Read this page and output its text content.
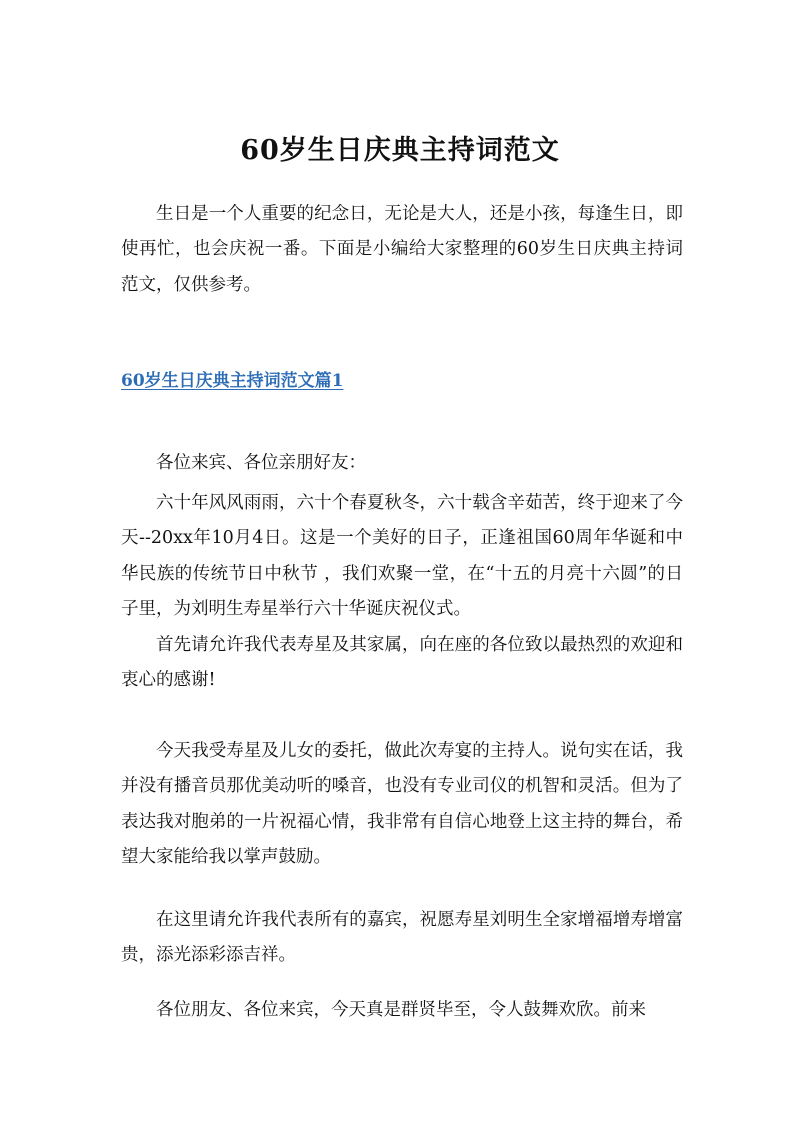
60岁生日庆典主持词范文

生日是一个人重要的纪念日，无论是大人，还是小孩，每逢生日，即使再忙，也会庆祝一番。下面是小编给大家整理的60岁生日庆典主持词范文，仅供参考。

60岁生日庆典主持词范文篇1

各位来宾、各位亲朋好友：

六十年风风雨雨，六十个春夏秋冬，六十载含辛茹苦，终于迎来了今天--20xx年10月4日。这是一个美好的日子，正逢祖国60周年华诞和中华民族的传统节日中秋节 ，我们欢聚一堂，在“十五的月亮十六圆”的日子里，为刘明生寿星举行六十华诞庆祝仪式。

首先请允许我代表寿星及其家属，向在座的各位致以最热烈的欢迎和衷心的感谢!

今天我受寿星及儿女的委托，做此次寿宴的主持人。说句实在话，我并没有播音员那优美动听的嗓音，也没有专业司仪的机智和灵活。但为了表达我对胞弟的一片祝福心情，我非常有自信心地登上这主持的舞台，希望大家能给我以掌声鼓励。

在这里请允许我代表所有的嘉宾，祝愿寿星刘明生全家增福增寿增富贵，添光添彩添吉祥。

各位朋友、各位来宾，今天真是群贤毕至，令人鼓舞欢欣。前来
